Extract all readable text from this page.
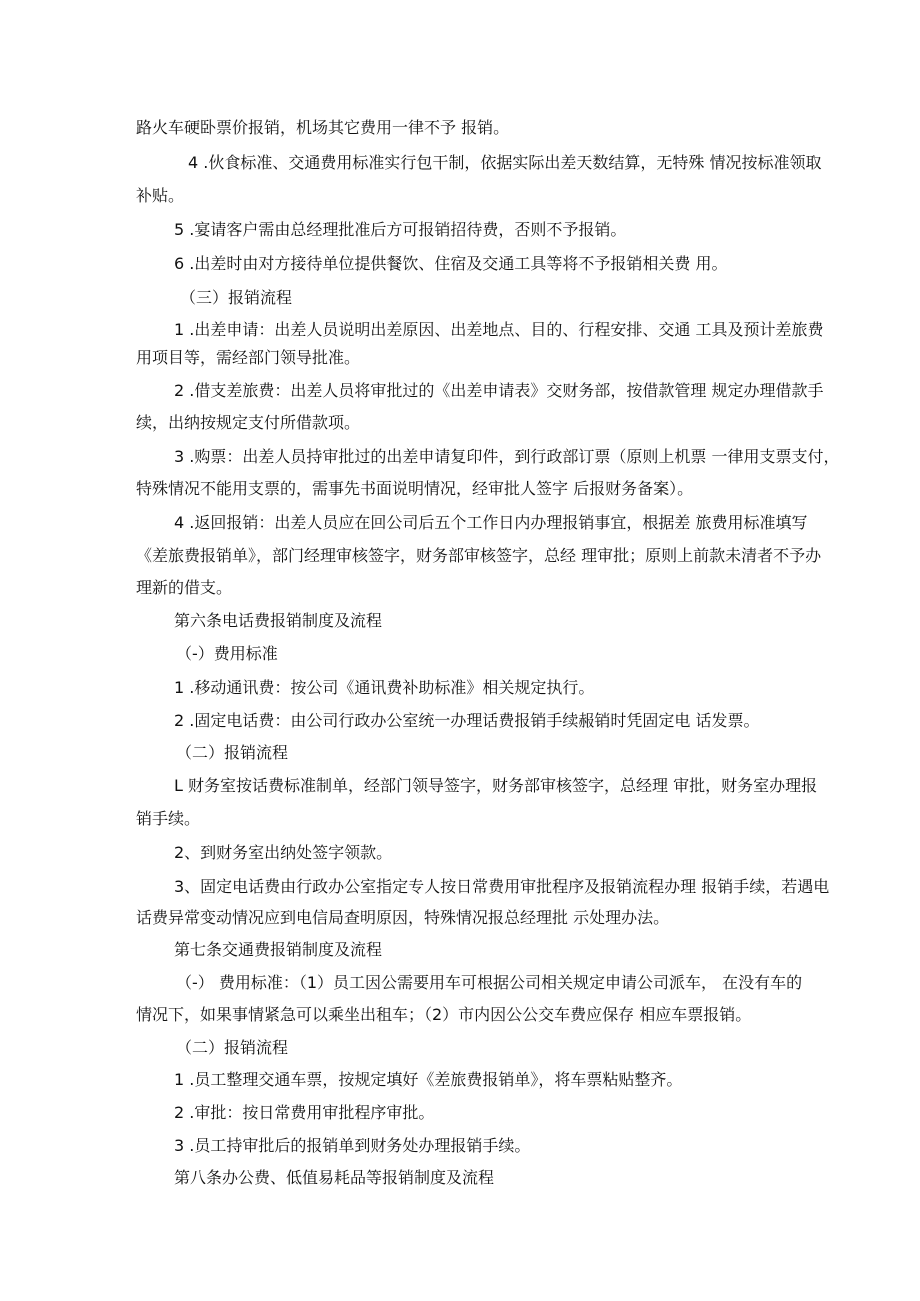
路火车硬卧票价报销，机场其它费用一律不予 报销。
4 .伙食标准、交通费用标准实行包干制，依据实际出差天数结算，无特殊 情况按标准领取
补贴。
5 .宴请客户需由总经理批准后方可报销招待费，否则不予报销。
6 .出差时由对方接待单位提供餐饮、住宿及交通工具等将不予报销相关费 用。
（三）报销流程
1 .出差申请：出差人员说明出差原因、出差地点、目的、行程安排、交通 工具及预计差旅费
用项目等，需经部门领导批准。
2 .借支差旅费：出差人员将审批过的《出差申请表》交财务部，按借款管理 规定办理借款手
续，出纳按规定支付所借款项。
3 .购票：出差人员持审批过的出差申请复印件，到行政部订票（原则上机票 一律用支票支付，
特殊情况不能用支票的，需事先书面说明情况，经审批人签字 后报财务备案）。
4 .返回报销：出差人员应在回公司后五个工作日内办理报销事宜，根据差 旅费用标准填写
《差旅费报销单》，部门经理审核签字，财务部审核签字，总经 理审批；原则上前款未清者不予办
理新的借支。
第六条电话费报销制度及流程
（-）费用标准
1 .移动通讯费：按公司《通讯费补助标准》相关规定执行。
2 .固定电话费：由公司行政办公室统一办理话费报销手续赧销时凭固定电 话发票。
（二）报销流程
L 财务室按话费标准制单，经部门领导签字，财务部审核签字，总经理 审批，财务室办理报
销手续。
2、到财务室出纳处签字领款。
3、固定电话费由行政办公室指定专人按日常费用审批程序及报销流程办理 报销手续，若遇电
话费异常变动情况应到电信局查明原因，特殊情况报总经理批 示处理办法。
第七条交通费报销制度及流程
（-） 费用标准：（1）员工因公需要用车可根据公司相关规定申请公司派车， 在没有车的
情况下，如果事情紧急可以乘坐出租车；（2）市内因公公交车费应保存 相应车票报销。
（二）报销流程
1 .员工整理交通车票，按规定填好《差旅费报销单》，将车票粘贴整齐。
2 .审批：按日常费用审批程序审批。
3 .员工持审批后的报销单到财务处办理报销手续。
第八条办公费、低值易耗品等报销制度及流程
